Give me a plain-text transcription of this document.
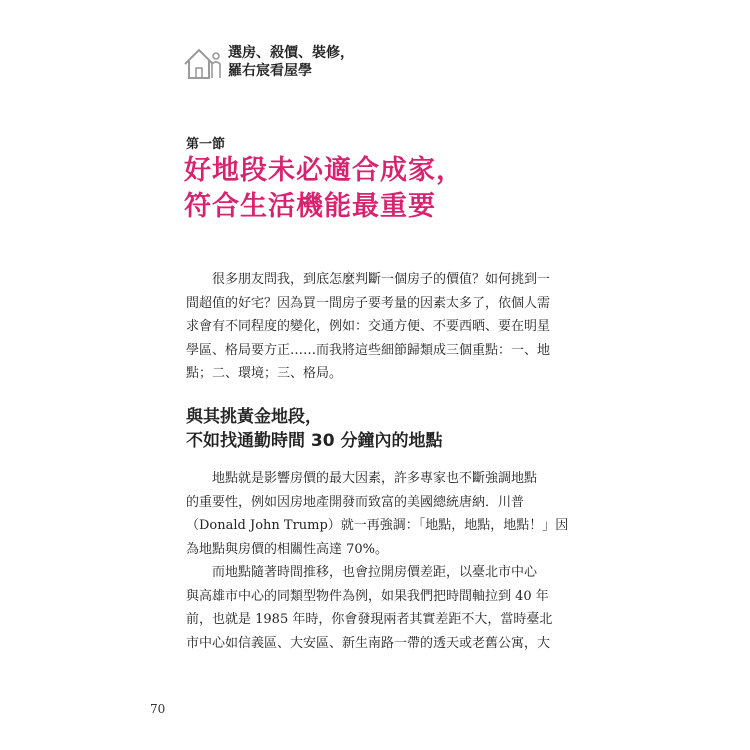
選房、殺價、裝修，
羅右宸看屋學
第一節
好地段未必適合成家，
符合生活機能最重要
　　很多朋友問我，到底怎麼判斷一個房子的價值？如何挑到一
間超值的好宅？因為買一間房子要考量的因素太多了，依個人需
求會有不同程度的變化，例如：交通方便、不要西晒、要在明星
學區、格局要方正……而我將這些細節歸類成三個重點：一、地
點；二、環境；三、格局。
與其挑黃金地段，
不如找通勤時間 30 分鐘內的地點
　　地點就是影響房價的最大因素，許多專家也不斷強調地點
的重要性，例如因房地產開發而致富的美國總統唐納．川普
（Donald John Trump）就一再強調：「地點，地點，地點！」因
為地點與房價的相關性高達 70%。
　　而地點隨著時間推移，也會拉開房價差距，以臺北市中心
與高雄市中心的同類型物件為例，如果我們把時間軸拉到 40 年
前，也就是 1985 年時，你會發現兩者其實差距不大，當時臺北
市中心如信義區、大安區、新生南路一帶的透天或老舊公寓，大
70
